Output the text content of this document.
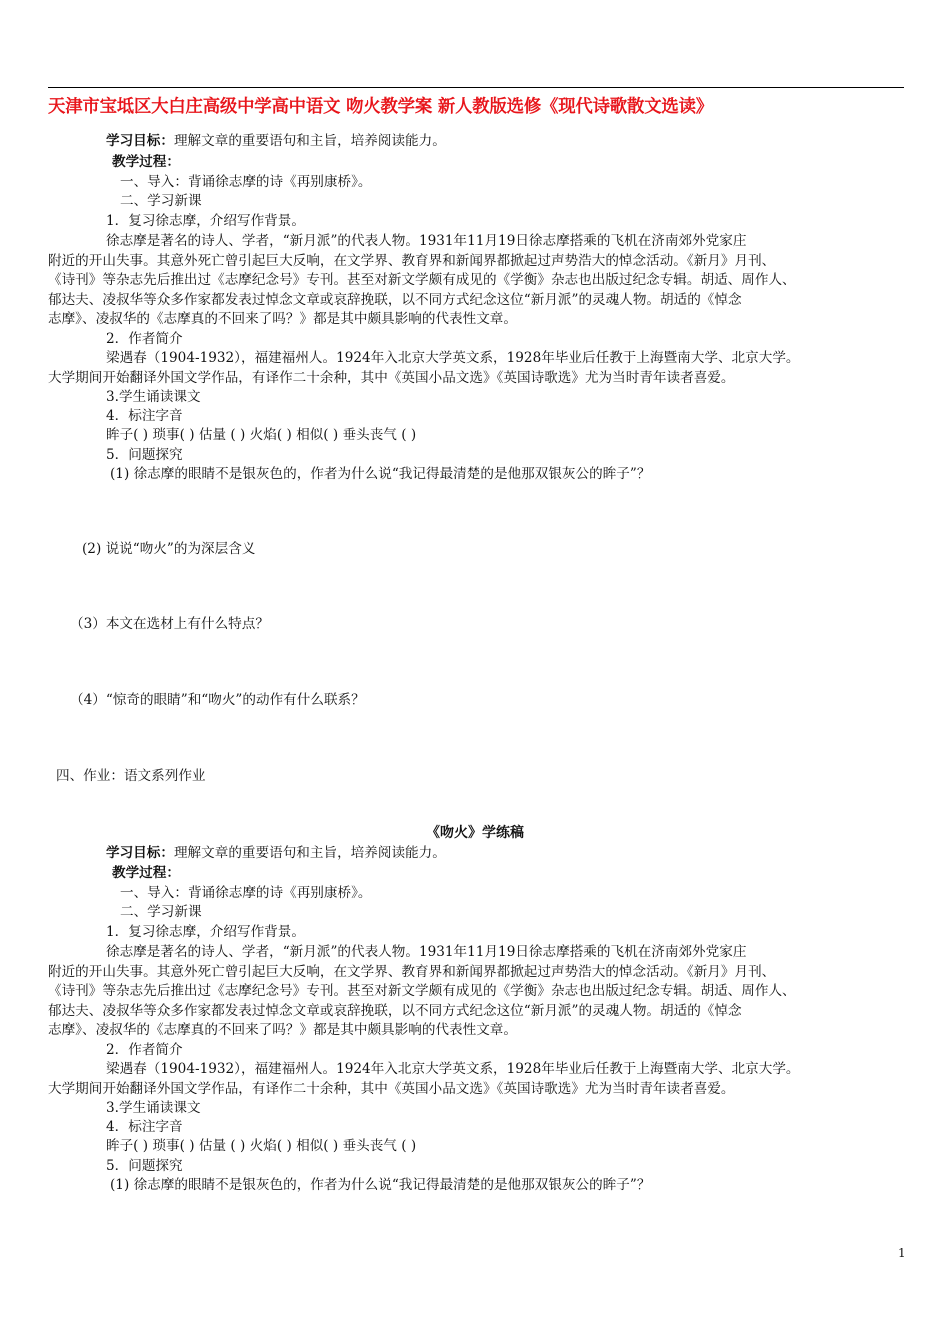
天津市宝坻区大白庄高级中学高中语文 吻火教学案 新人教版选修《现代诗歌散文选读》
学习目标：理解文章的重要语句和主旨，培养阅读能力。
教学过程：
一、导入：背诵徐志摩的诗《再别康桥》。
二、学习新课
1．复习徐志摩，介绍写作背景。
徐志摩是著名的诗人、学者，“新月派”的代表人物。1931年11月19日徐志摩搭乘的飞机在济南郊外党家庄
附近的开山失事。其意外死亡曾引起巨大反响，在文学界、教育界和新闻界都掀起过声势浩大的悼念活动。《新月》月刊、
《诗刊》等杂志先后推出过《志摩纪念号》专刊。甚至对新文学颇有成见的《学衡》杂志也出版过纪念专辑。胡适、周作人、
郁达夫、凌叔华等众多作家都发表过悼念文章或哀辞挽联，以不同方式纪念这位“新月派”的灵魂人物。胡适的《悼念
志摩》、凌叔华的《志摩真的不回来了吗？》都是其中颇具影响的代表性文章。
2．作者简介
梁遇春（1904-1932），福建福州人。1924年入北京大学英文系，1928年毕业后任教于上海暨南大学、北京大学。
大学期间开始翻译外国文学作品，有译作二十余种，其中《英国小品文选》《英国诗歌选》尤为当时青年读者喜爱。
3.学生诵读课文
4．标注字音
眸子( ) 琐事( ) 估量 ( ) 火焰( ) 相似( ) 垂头丧气 ( )
5．问题探究
(1) 徐志摩的眼睛不是银灰色的，作者为什么说“我记得最清楚的是他那双银灰公的眸子”？
(2) 说说“吻火”的为深层含义
（3）本文在选材上有什么特点？
（4）“惊奇的眼睛”和“吻火”的动作有什么联系？
四、作业：语文系列作业
《吻火》学练稿
学习目标：理解文章的重要语句和主旨，培养阅读能力。
教学过程：
一、导入：背诵徐志摩的诗《再别康桥》。
二、学习新课
1．复习徐志摩，介绍写作背景。
徐志摩是著名的诗人、学者，“新月派”的代表人物。1931年11月19日徐志摩搭乘的飞机在济南郊外党家庄
附近的开山失事。其意外死亡曾引起巨大反响，在文学界、教育界和新闻界都掀起过声势浩大的悼念活动。《新月》月刊、
《诗刊》等杂志先后推出过《志摩纪念号》专刊。甚至对新文学颇有成见的《学衡》杂志也出版过纪念专辑。胡适、周作人、
郁达夫、凌叔华等众多作家都发表过悼念文章或哀辞挽联，以不同方式纪念这位“新月派”的灵魂人物。胡适的《悼念
志摩》、凌叔华的《志摩真的不回来了吗？》都是其中颇具影响的代表性文章。
2．作者简介
梁遇春（1904-1932），福建福州人。1924年入北京大学英文系，1928年毕业后任教于上海暨南大学、北京大学。
大学期间开始翻译外国文学作品，有译作二十余种，其中《英国小品文选》《英国诗歌选》尤为当时青年读者喜爱。
3.学生诵读课文
4．标注字音
眸子( ) 琐事( ) 估量 ( ) 火焰( ) 相似( ) 垂头丧气 ( )
5．问题探究
(1) 徐志摩的眼睛不是银灰色的，作者为什么说“我记得最清楚的是他那双银灰公的眸子”？
1
